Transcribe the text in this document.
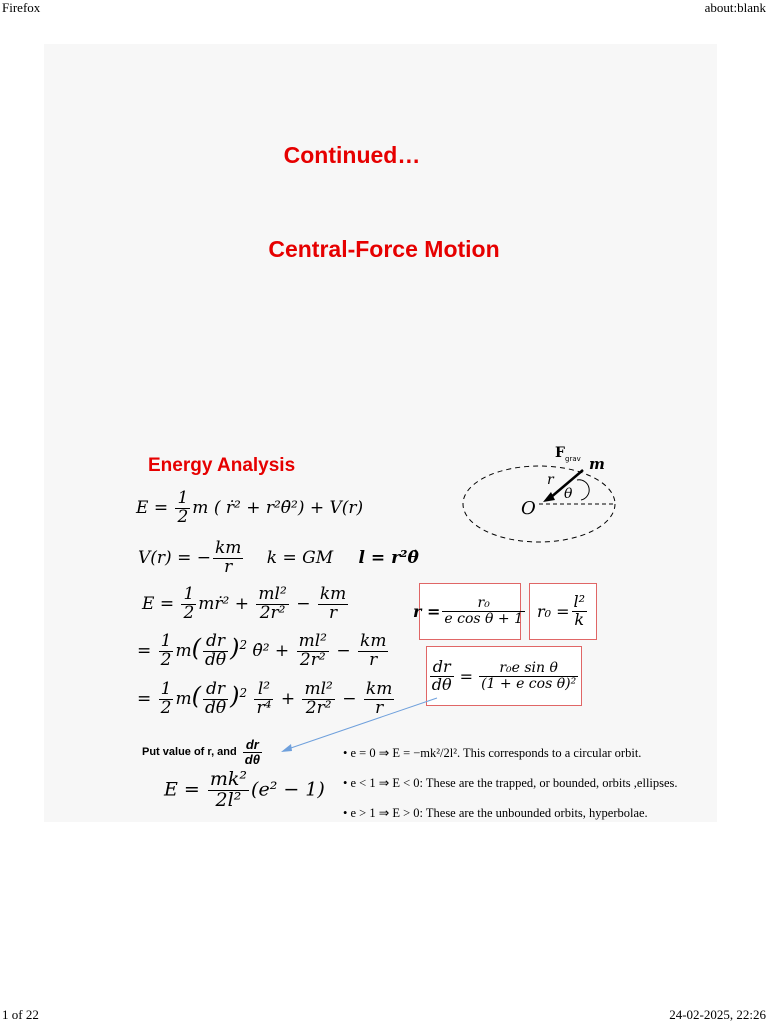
Firefox	about:blank
Continued…
Central-Force Motion
Energy Analysis
F grav m
r
θ
O
$E = \frac{1}{2}$ m ( ṙ² + r²θ̇²) + V(r)
V(r) = − $\frac{km}{r}$ k = GM l = r²θ̇
$E = \frac{1}{2}$ mṙ² + $\frac{\text{ml²}}{\text{2r²}} - \frac{km}{r}$
= $\frac{1}{2} m( \frac{dr}{d\theta} )^2$ θ̇² + $\frac{\text{ml²}}{\text{2r²}} - \frac{km}{r}$
= $\frac{1}{2} m( \frac{dr}{d\theta} )^2 \frac{\text{l²}}{\text{r⁴}} + \frac{\text{ml²}}{\text{2r²}} - \frac{km}{r}$
$r = \frac{\text{r₀}}{\text{e cos θ + 1}} r_0 = \frac{\text{l²}}{k}$
$\frac{dr}{d\theta} = \frac{\text{r₀e sin θ}}{\text{(1 + e cos θ)²}}$
Put value of r, and $\frac{dr}{d\theta}$
$E = \frac{\text{mk²}}{\text{2l²}} (e^2 - 1)$
• e = 0 ⇒ E = −mk²/2l². This corresponds to a circular orbit.
• e < 1 ⇒ E < 0: These are the trapped, or bounded, orbits ,ellipses.
• e > 1 ⇒ E > 0: These are the unbounded orbits, hyperbolae.
1 of 22	24-02-2025, 22:26
